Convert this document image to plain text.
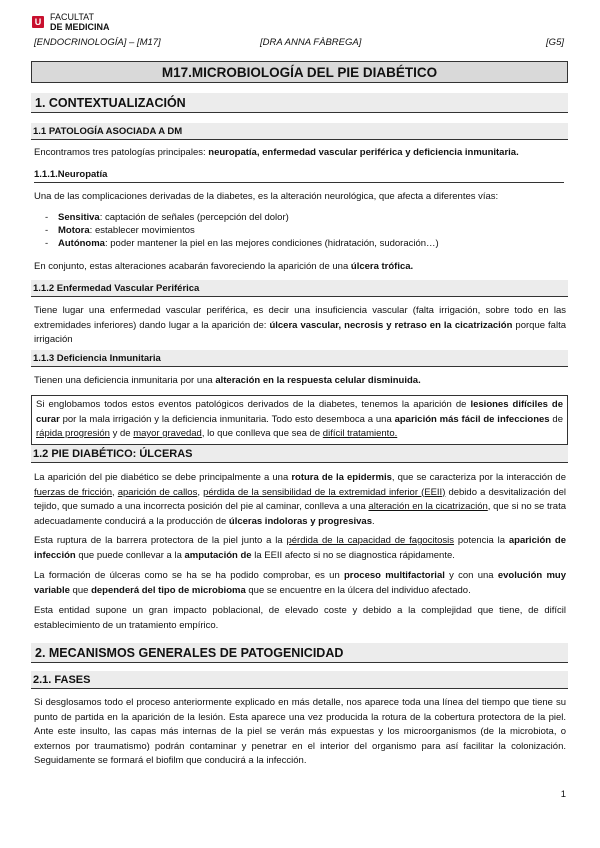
U FACULTAT
DE MEDICINA
[ENDOCRINOLOGÍA] – [M17]	[DRA ANNA FÀBREGA]	[G5]
M17.MICROBIOLOGÍA DEL PIE DIABÉTICO
1. CONTEXTUALIZACIÓN
1.1 PATOLOGÍA ASOCIADA A DM
Encontramos tres patologías principales: neuropatía, enfermedad vascular periférica y deficiencia inmunitaria.
1.1.1.Neuropatía
Una de las complicaciones derivadas de la diabetes, es la alteración neurológica, que afecta a diferentes vías:
- Sensitiva: captación de señales (percepción del dolor)
- Motora: establecer movimientos
- Autónoma: poder mantener la piel en las mejores condiciones (hidratación, sudoración…)
En conjunto, estas alteraciones acabarán favoreciendo la aparición de una úlcera trófica.
1.1.2 Enfermedad Vascular Periférica
Tiene lugar una enfermedad vascular periférica, es decir una insuficiencia vascular (falta irrigación, sobre todo en las extremidades inferiores) dando lugar a la aparición de: úlcera vascular, necrosis y retraso en la cicatrización porque falta irrigación
1.1.3 Deficiencia Inmunitaria
Tienen una deficiencia inmunitaria por una alteración en la respuesta celular disminuida.
Si englobamos todos estos eventos patológicos derivados de la diabetes, tenemos la aparición de lesiones difíciles de curar por la mala irrigación y la deficiencia inmunitaria. Todo esto desemboca a una aparición más fácil de infecciones de rápida progresión y de mayor gravedad, lo que conlleva que sea de difícil tratamiento.
1.2 PIE DIABÉTICO: ÚLCERAS
La aparición del pie diabético se debe principalmente a una rotura de la epidermis, que se caracteriza por la interacción de fuerzas de fricción, aparición de callos, pérdida de la sensibilidad de la extremidad inferior (EEII) debido a desvitalización del tejido, que sumado a una incorrecta posición del pie al caminar, conlleva a una alteración en la cicatrización, que si no se trata adecuadamente conducirá a la producción de úlceras indoloras y progresivas.
Esta ruptura de la barrera protectora de la piel junto a la pérdida de la capacidad de fagocitosis potencia la aparición de infección que puede conllevar a la amputación de la EEII afecto si no se diagnostica rápidamente.
La formación de úlceras como se ha se ha podido comprobar, es un proceso multifactorial y con una evolución muy variable que dependerá del tipo de microbioma que se encuentre en la úlcera del individuo afectado.
Esta entidad supone un gran impacto poblacional, de elevado coste y debido a la complejidad que tiene, de difícil establecimiento de un tratamiento empírico.
2. MECANISMOS GENERALES DE PATOGENICIDAD
2.1. FASES
Si desglosamos todo el proceso anteriormente explicado en más detalle, nos aparece toda una línea del tiempo que tiene su punto de partida en la aparición de la lesión. Esta aparece una vez producida la rotura de la cobertura protectora de la piel. Ante este insulto, las capas más internas de la piel se verán más expuestas y los microorganismos (de la microbiota, o externos por traumatismo) podrán contaminar y penetrar en el interior del organismo para así facilitar la colonización. Seguidamente se formará el biofilm que conducirá a la infección.
1
